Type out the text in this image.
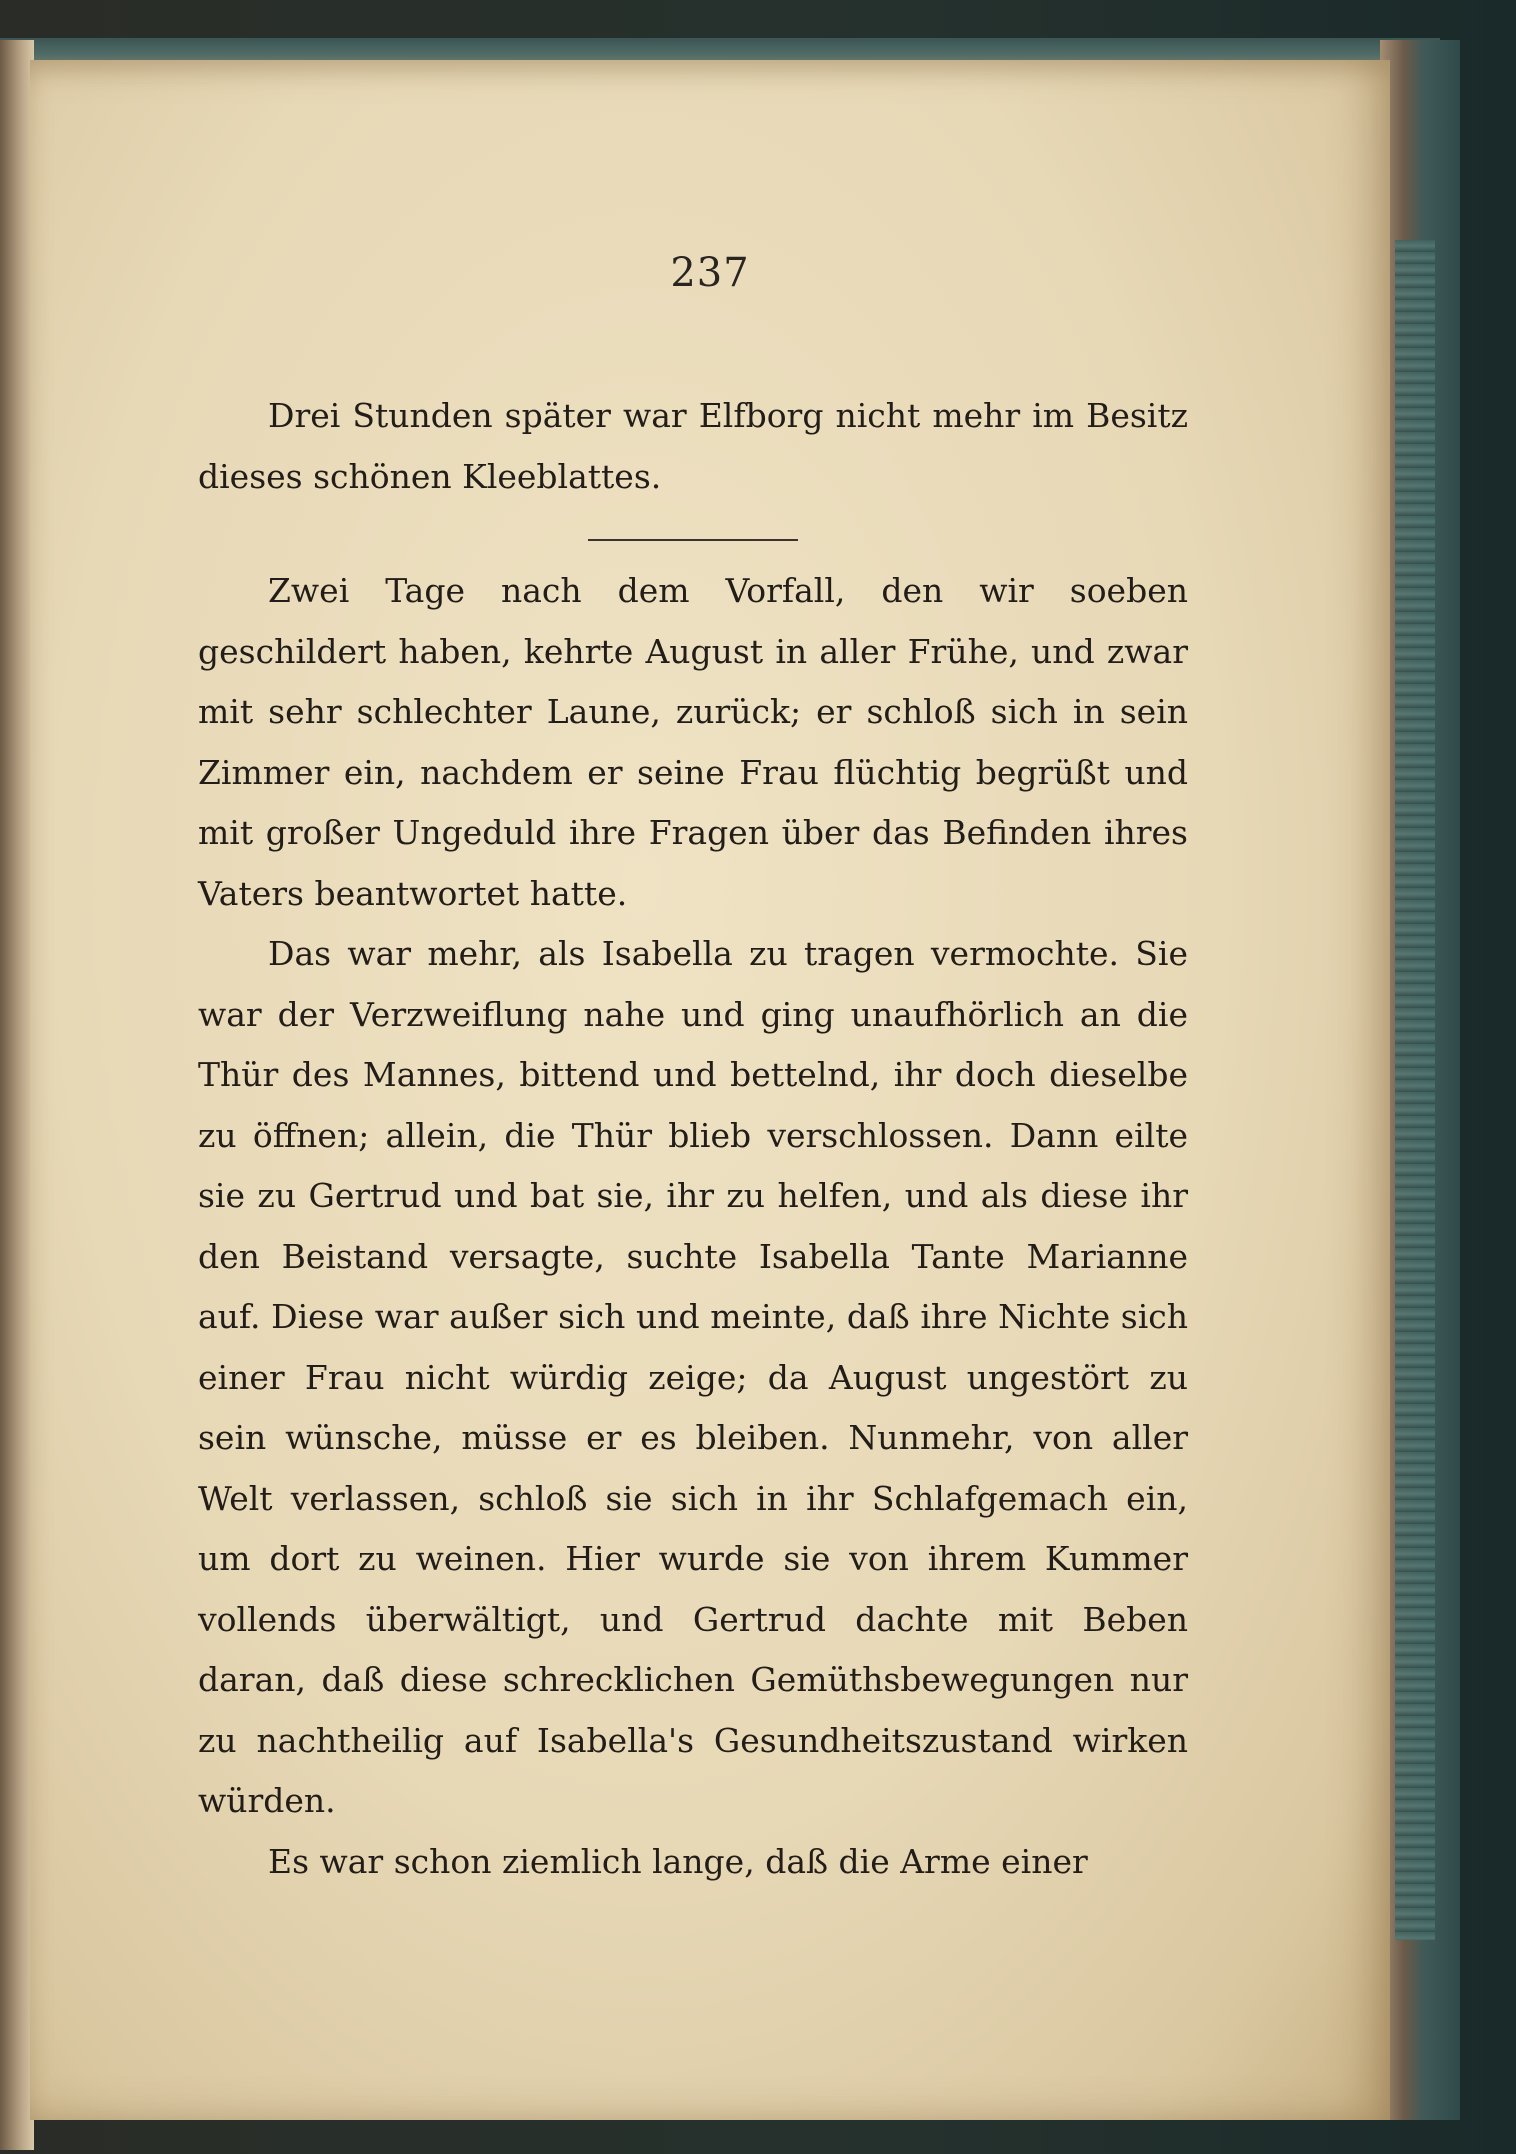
237

Drei Stunden später war Elfborg nicht mehr im Besitz dieses schönen Kleeblattes.

Zwei Tage nach dem Vorfall, den wir soeben geschildert haben, kehrte August in aller Frühe, und zwar mit sehr schlechter Laune, zurück; er schloß sich in sein Zimmer ein, nachdem er seine Frau flüchtig begrüßt und mit großer Ungeduld ihre Fragen über das Befinden ihres Vaters beantwortet hatte.

Das war mehr, als Isabella zu tragen vermochte. Sie war der Verzweiflung nahe und ging unaufhörlich an die Thür des Mannes, bittend und bettelnd, ihr doch dieselbe zu öffnen; allein, die Thür blieb verschlossen. Dann eilte sie zu Gertrud und bat sie, ihr zu helfen, und als diese ihr den Beistand versagte, suchte Isabella Tante Marianne auf. Diese war außer sich und meinte, daß ihre Nichte sich einer Frau nicht würdig zeige; da August ungestört zu sein wünsche, müsse er es bleiben. Nunmehr, von aller Welt verlassen, schloß sie sich in ihr Schlafgemach ein, um dort zu weinen. Hier wurde sie von ihrem Kummer vollends überwältigt, und Gertrud dachte mit Beben daran, daß diese schrecklichen Gemüthsbewegungen nur zu nachtheilig auf Isabella's Gesundheitszustand wirken würden.

Es war schon ziemlich lange, daß die Arme einer
